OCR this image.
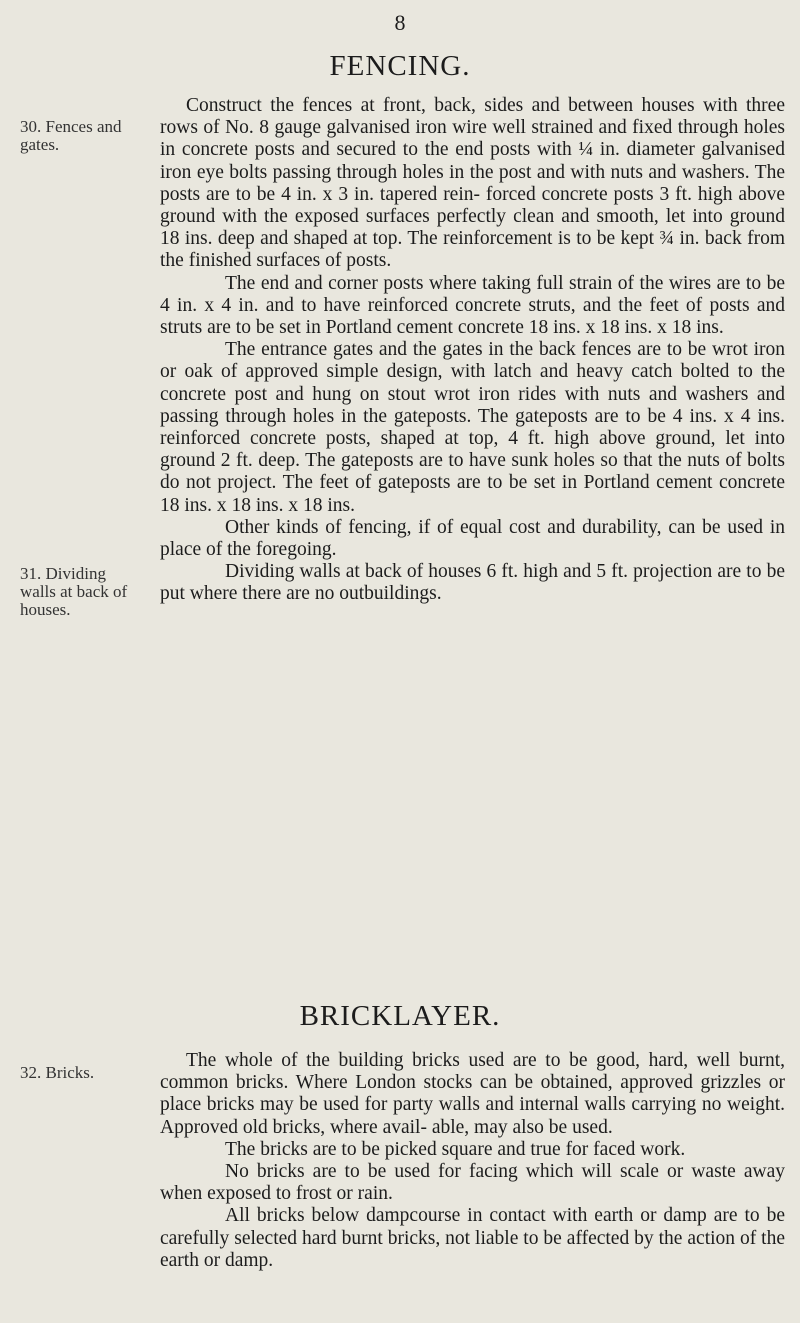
8
FENCING.
30. Fences and gates.
31. Dividing walls at back of houses.

Construct the fences at front, back, sides and between houses with three rows of No. 8 gauge galvanised iron wire well strained and fixed through holes in concrete posts and secured to the end posts with ¼ in. diameter galvanised iron eye bolts passing through holes in the post and with nuts and washers. The posts are to be 4 in. x 3 in. tapered rein- forced concrete posts 3 ft. high above ground with the exposed surfaces perfectly clean and smooth, let into ground 18 ins. deep and shaped at top. The reinforcement is to be kept ¾ in. back from the finished surfaces of posts.

The end and corner posts where taking full strain of the wires are to be 4 in. x 4 in. and to have reinforced concrete struts, and the feet of posts and struts are to be set in Portland cement concrete 18 ins. x 18 ins. x 18 ins.

The entrance gates and the gates in the back fences are to be wrot iron or oak of approved simple design, with latch and heavy catch bolted to the concrete post and hung on stout wrot iron rides with nuts and washers and passing through holes in the gateposts. The gateposts are to be 4 ins. x 4 ins. reinforced concrete posts, shaped at top, 4 ft. high above ground, let into ground 2 ft. deep. The gateposts are to have sunk holes so that the nuts of bolts do not project. The feet of gateposts are to be set in Portland cement concrete 18 ins. x 18 ins. x 18 ins.

Other kinds of fencing, if of equal cost and durability, can be used in place of the foregoing.

Dividing walls at back of houses 6 ft. high and 5 ft. projection are to be put where there are no outbuildings.

BRICKLAYER.
32. Bricks.

The whole of the building bricks used are to be good, hard, well burnt, common bricks. Where London stocks can be obtained, approved grizzles or place bricks may be used for party walls and internal walls carrying no weight. Approved old bricks, where avail- able, may also be used.

The bricks are to be picked square and true for faced work.

No bricks are to be used for facing which will scale or waste away when exposed to frost or rain.

All bricks below dampcourse in contact with earth or damp are to be carefully selected hard burnt bricks, not liable to be affected by the action of the earth or damp.
